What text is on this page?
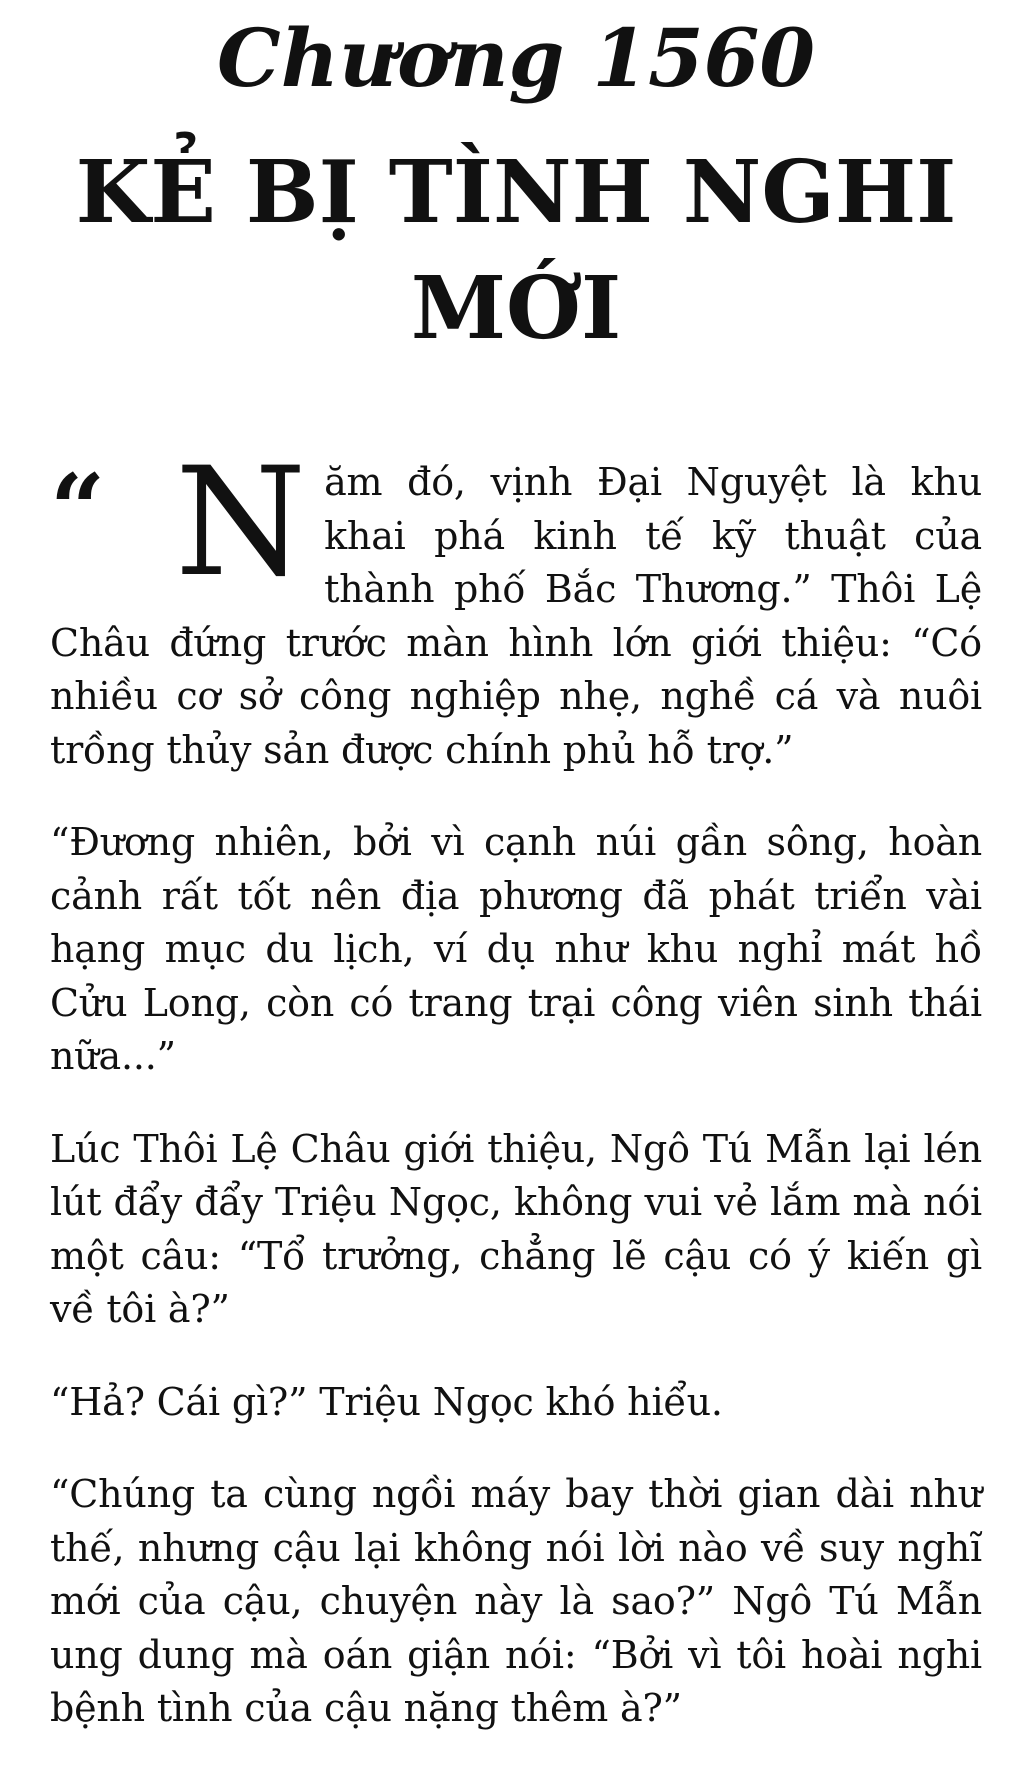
Chương 1560
KẺ BỊ TÌNH NGHI
MỚI

“ N ăm đó, vịnh Đại Nguyệt là khu khai phá kinh tế kỹ thuật của thành phố Bắc Thương.” Thôi Lệ Châu đứng trước màn hình lớn giới thiệu: “Có nhiều cơ sở công nghiệp nhẹ, nghề cá và nuôi trồng thủy sản được chính phủ hỗ trợ.”

“Đương nhiên, bởi vì cạnh núi gần sông, hoàn cảnh rất tốt nên địa phương đã phát triển vài hạng mục du lịch, ví dụ như khu nghỉ mát hồ Cửu Long, còn có trang trại công viên sinh thái nữa...”

Lúc Thôi Lệ Châu giới thiệu, Ngô Tú Mẫn lại lén lút đẩy đẩy Triệu Ngọc, không vui vẻ lắm mà nói một câu: “Tổ trưởng, chẳng lẽ cậu có ý kiến gì về tôi à?”

“Hả? Cái gì?” Triệu Ngọc khó hiểu.

“Chúng ta cùng ngồi máy bay thời gian dài như thế, nhưng cậu lại không nói lời nào về suy nghĩ mới của cậu, chuyện này là sao?” Ngô Tú Mẫn ung dung mà oán giận nói: “Bởi vì tôi hoài nghi bệnh tình của cậu nặng thêm à?”
